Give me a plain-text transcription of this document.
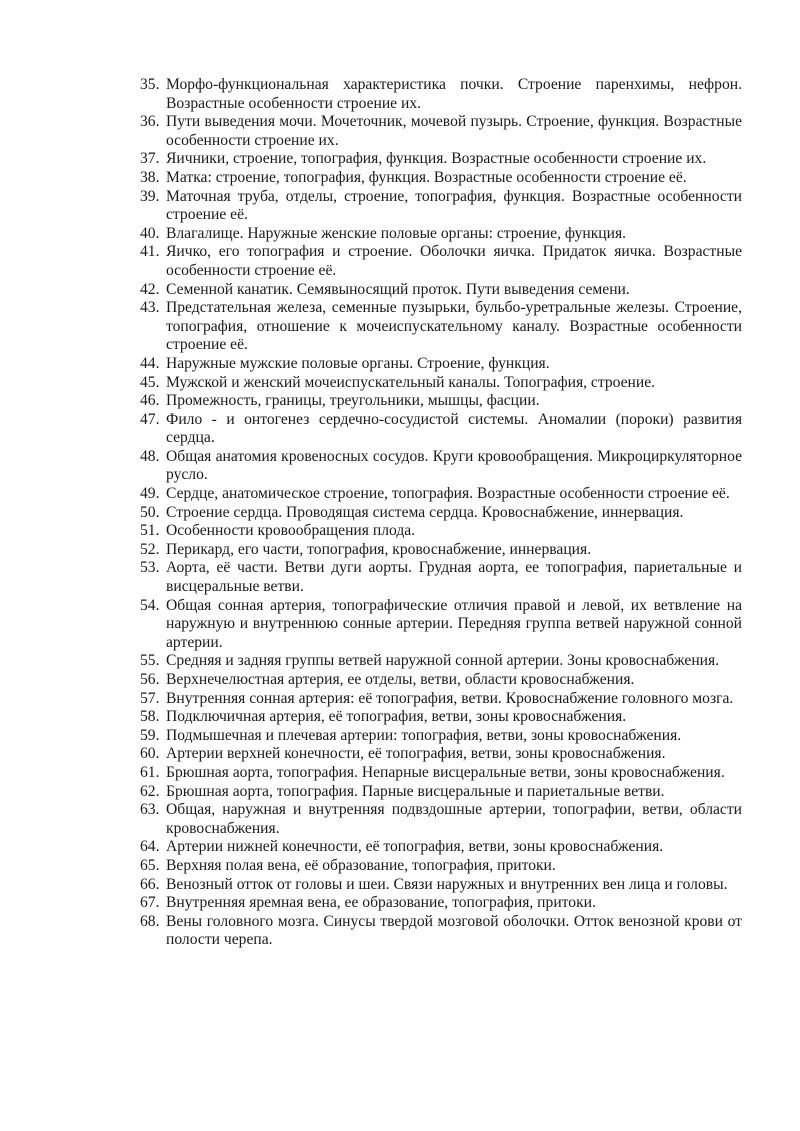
35. Морфо-функциональная характеристика почки. Строение паренхимы, нефрон. Возрастные особенности строение их.
36. Пути выведения мочи. Мочеточник, мочевой пузырь. Строение, функция. Возрастные особенности строение их.
37. Яичники, строение, топография, функция. Возрастные особенности строение их.
38. Матка: строение, топография, функция. Возрастные особенности строение её.
39. Маточная труба, отделы, строение, топография, функция. Возрастные особенности строение её.
40. Влагалище. Наружные женские половые органы: строение, функция.
41. Яичко, его топография и строение. Оболочки яичка. Придаток яичка. Возрастные особенности строение её.
42. Семенной канатик. Семявыносящий проток. Пути выведения семени.
43. Предстательная железа, семенные пузырьки, бульбо-уретральные железы. Строение, топография, отношение к мочеиспускательному каналу. Возрастные особенности строение её.
44. Наружные мужские половые органы. Строение, функция.
45. Мужской и женский мочеиспускательный каналы. Топография, строение.
46. Промежность, границы, треугольники, мышцы, фасции.
47. Фило - и онтогенез сердечно-сосудистой системы. Аномалии (пороки) развития сердца.
48. Общая анатомия кровеносных сосудов. Круги кровообращения. Микроциркуляторное русло.
49. Сердце, анатомическое строение, топография. Возрастные особенности строение её.
50. Строение сердца. Проводящая система сердца. Кровоснабжение, иннервация.
51. Особенности кровообращения плода.
52. Перикард, его части, топография, кровоснабжение, иннервация.
53. Аорта, её части. Ветви дуги аорты. Грудная аорта, ее топография, париетальные и висцеральные ветви.
54. Общая сонная артерия, топографические отличия правой и левой, их ветвление на наружную и внутреннюю сонные артерии. Передняя группа ветвей наружной сонной артерии.
55. Средняя и задняя группы ветвей наружной сонной артерии. Зоны кровоснабжения.
56. Верхнечелюстная артерия, ее отделы, ветви, области кровоснабжения.
57. Внутренняя сонная артерия: её топография, ветви. Кровоснабжение головного мозга.
58. Подключичная артерия, её топография, ветви, зоны кровоснабжения.
59. Подмышечная и плечевая артерии: топография, ветви, зоны кровоснабжения.
60. Артерии верхней конечности, её топография, ветви, зоны кровоснабжения.
61. Брюшная аорта, топография. Непарные висцеральные ветви, зоны кровоснабжения.
62. Брюшная аорта, топография. Парные висцеральные и париетальные ветви.
63. Общая, наружная и внутренняя подвздошные артерии, топографии, ветви, области кровоснабжения.
64. Артерии нижней конечности, её топография, ветви, зоны кровоснабжения.
65. Верхняя полая вена, её образование, топография, притоки.
66. Венозный отток от головы и шеи. Связи наружных и внутренних вен лица и головы.
67. Внутренняя яремная вена, ее образование, топография, притоки.
68. Вены головного мозга. Синусы твердой мозговой оболочки. Отток венозной крови от полости черепа.
